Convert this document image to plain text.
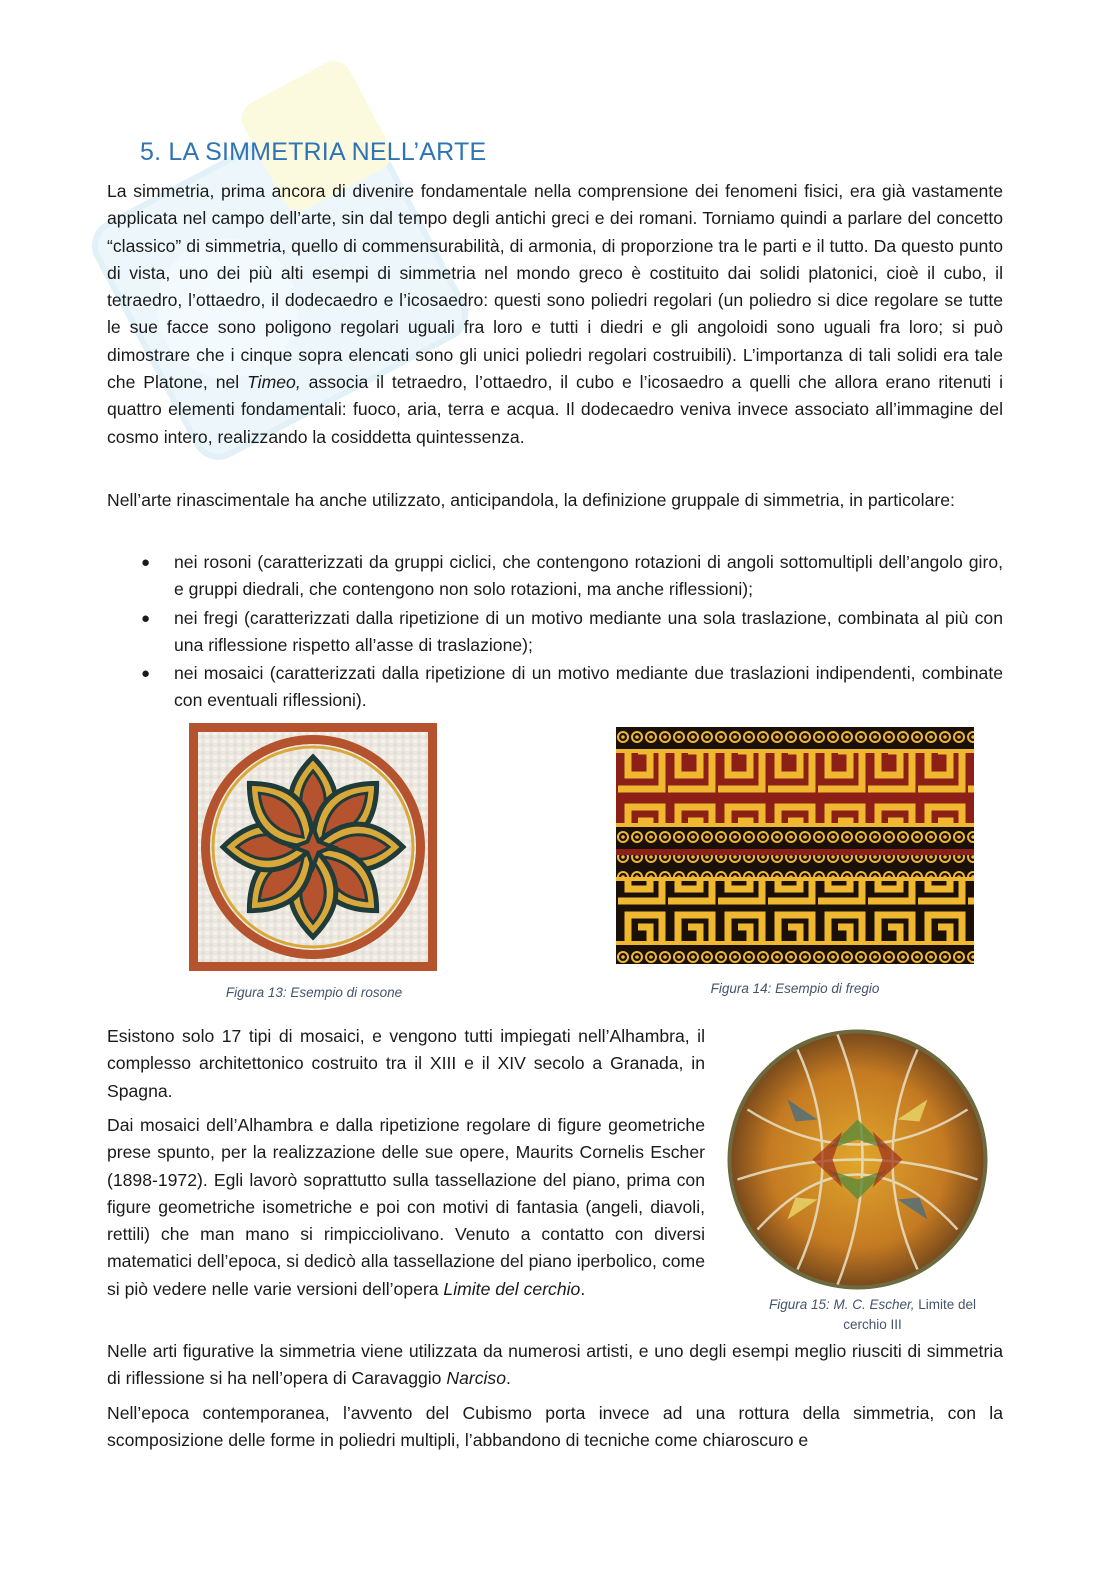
5. LA SIMMETRIA NELL’ARTE

La simmetria, prima ancora di divenire fondamentale nella comprensione dei fenomeni fisici, era già vastamente applicata nel campo dell’arte, sin dal tempo degli antichi greci e dei romani. Torniamo quindi a parlare del concetto “classico” di simmetria, quello di commensurabilità, di armonia, di proporzione tra le parti e il tutto. Da questo punto di vista, uno dei più alti esempi di simmetria nel mondo greco è costituito dai solidi platonici, cioè il cubo, il tetraedro, l’ottaedro, il dodecaedro e l’icosaedro: questi sono poliedri regolari (un poliedro si dice regolare se tutte le sue facce sono poligono regolari uguali fra loro e tutti i diedri e gli angoloidi sono uguali fra loro; si può dimostrare che i cinque sopra elencati sono gli unici poliedri regolari costruibili). L’importanza di tali solidi era tale che Platone, nel Timeo, associa il tetraedro, l’ottaedro, il cubo e l’icosaedro a quelli che allora erano ritenuti i quattro elementi fondamentali: fuoco, aria, terra e acqua. Il dodecaedro veniva invece associato all’immagine del cosmo intero, realizzando la cosiddetta quintessenza.

Nell’arte rinascimentale ha anche utilizzato, anticipandola, la definizione gruppale di simmetria, in particolare:

● nei rosoni (caratterizzati da gruppi ciclici, che contengono rotazioni di angoli sottomultipli dell’angolo giro, e gruppi diedrali, che contengono non solo rotazioni, ma anche riflessioni);
● nei fregi (caratterizzati dalla ripetizione di un motivo mediante una sola traslazione, combinata al più con una riflessione rispetto all’asse di traslazione);
● nei mosaici (caratterizzati dalla ripetizione di un motivo mediante due traslazioni indipendenti, combinate con eventuali riflessioni).
Figura 13: Esempio di rosone	Figura 14: Esempio di fregio

Esistono solo 17 tipi di mosaici, e vengono tutti impiegati nell’Alhambra, il complesso architettonico costruito tra il XIII e il XIV secolo a Granada, in Spagna.

Dai mosaici dell’Alhambra e dalla ripetizione regolare di figure geometriche prese spunto, per la realizzazione delle sue opere, Maurits Cornelis Escher (1898-1972). Egli lavorò soprattutto sulla tassellazione del piano, prima con figure geometriche isometriche e poi con motivi di fantasia (angeli, diavoli, rettili) che man mano si rimpicciolivano. Venuto a contatto con diversi matematici dell’epoca, si dedicò alla tassellazione del piano iperbolico, come si piò vedere nelle varie versioni dell’opera Limite del cerchio.

Figura 15: M. C. Escher, Limite del
cerchio III

Nelle arti figurative la simmetria viene utilizzata da numerosi artisti, e uno degli esempi meglio riusciti di simmetria di riflessione si ha nell’opera di Caravaggio Narciso.

Nell’epoca contemporanea, l’avvento del Cubismo porta invece ad una rottura della simmetria, con la scomposizione delle forme in poliedri multipli, l’abbandono di tecniche come chiaroscuro e
